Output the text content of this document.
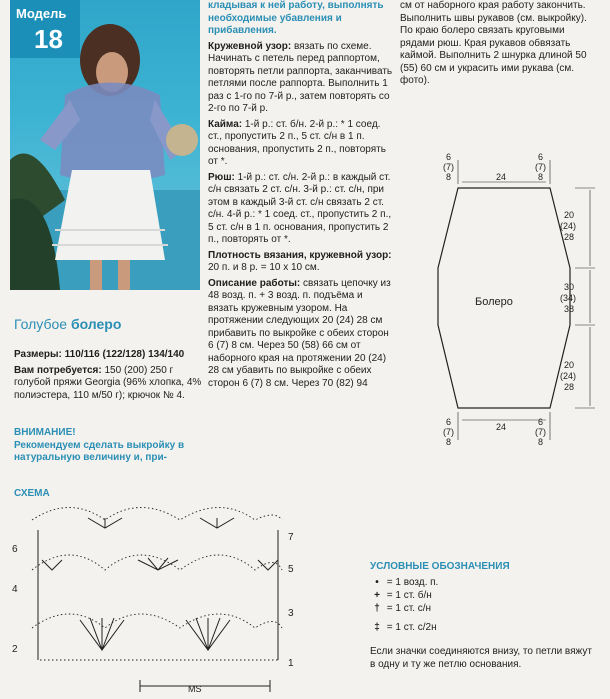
Модель
18
Голубое болеро
Размеры: 110/116 (122/128) 134/140
Вам потребуется: 150 (200) 250 г голубой пряжи Georgia (96% хлопка, 4% полиэстера, 110 м/50 г); крючок № 4.
ВНИМАНИЕ!
Рекомендуем сделать выкройку в натуральную величину и, при-
кладывая к ней работу, выполнять необходимые убавления и прибавления.
Кружевной узор: вязать по схеме. Начинать с петель перед раппортом, повторять петли раппорта, заканчивать петлями после раппорта. Выполнить 1 раз с 1-го по 7-й р., затем повторять со 2-го по 7-й р.
Кайма: 1-й р.: ст. б/н. 2-й р.: * 1 соед. ст., пропустить 2 п., 5 ст. с/н в 1 п. основания, пропустить 2 п., повторять от *.
Рюш: 1-й р.: ст. с/н. 2-й р.: в каждый ст. с/н связать 2 ст. с/н. 3-й р.: ст. с/н, при этом в каждый 3-й ст. с/н связать 2 ст. с/н. 4-й р.: * 1 соед. ст., пропустить 2 п., 5 ст. с/н в 1 п. основания, пропустить 2 п., повторять от *.
Плотность вязания, кружевной узор: 20 п. и 8 р. = 10 х 10 см.
Описание работы: связать цепочку из 48 возд. п. + 3 возд. п. подъёма и вязать кружевным узором. На протяжении следующих 20 (24) 28 см прибавить по выкройке с обеих сторон 6 (7) 8 см. Через 50 (58) 66 см от наборного края на протяжении 20 (24) 28 см убавить по выкройке с обеих сторон 6 (7) 8 см. Через 70 (82) 94
см от наборного края работу закончить. Выполнить швы рукавов (см. выкройку). По краю болеро связать круговыми рядами рюш. Края рукавов обвязать каймой. Выполнить 2 шнурка длиной 50 (55) 60 см и украсить ими рукава (см. фото).
Болеро
24
24
6
(7)
8
6
(7)
8
6
(7)
8
6
(7)
8
20
(24)
28
30
(34)
38
20
(24)
28
СХЕМА
6
4
2
7
5
3
1
MS
УСЛОВНЫЕ ОБОЗНАЧЕНИЯ
• = 1 возд. п.
+ = 1 ст. б/н
† = 1 ст. с/н
‡ = 1 ст. с/2н
Если значки соединяются внизу, то петли вяжут в одну и ту же петлю основания.
